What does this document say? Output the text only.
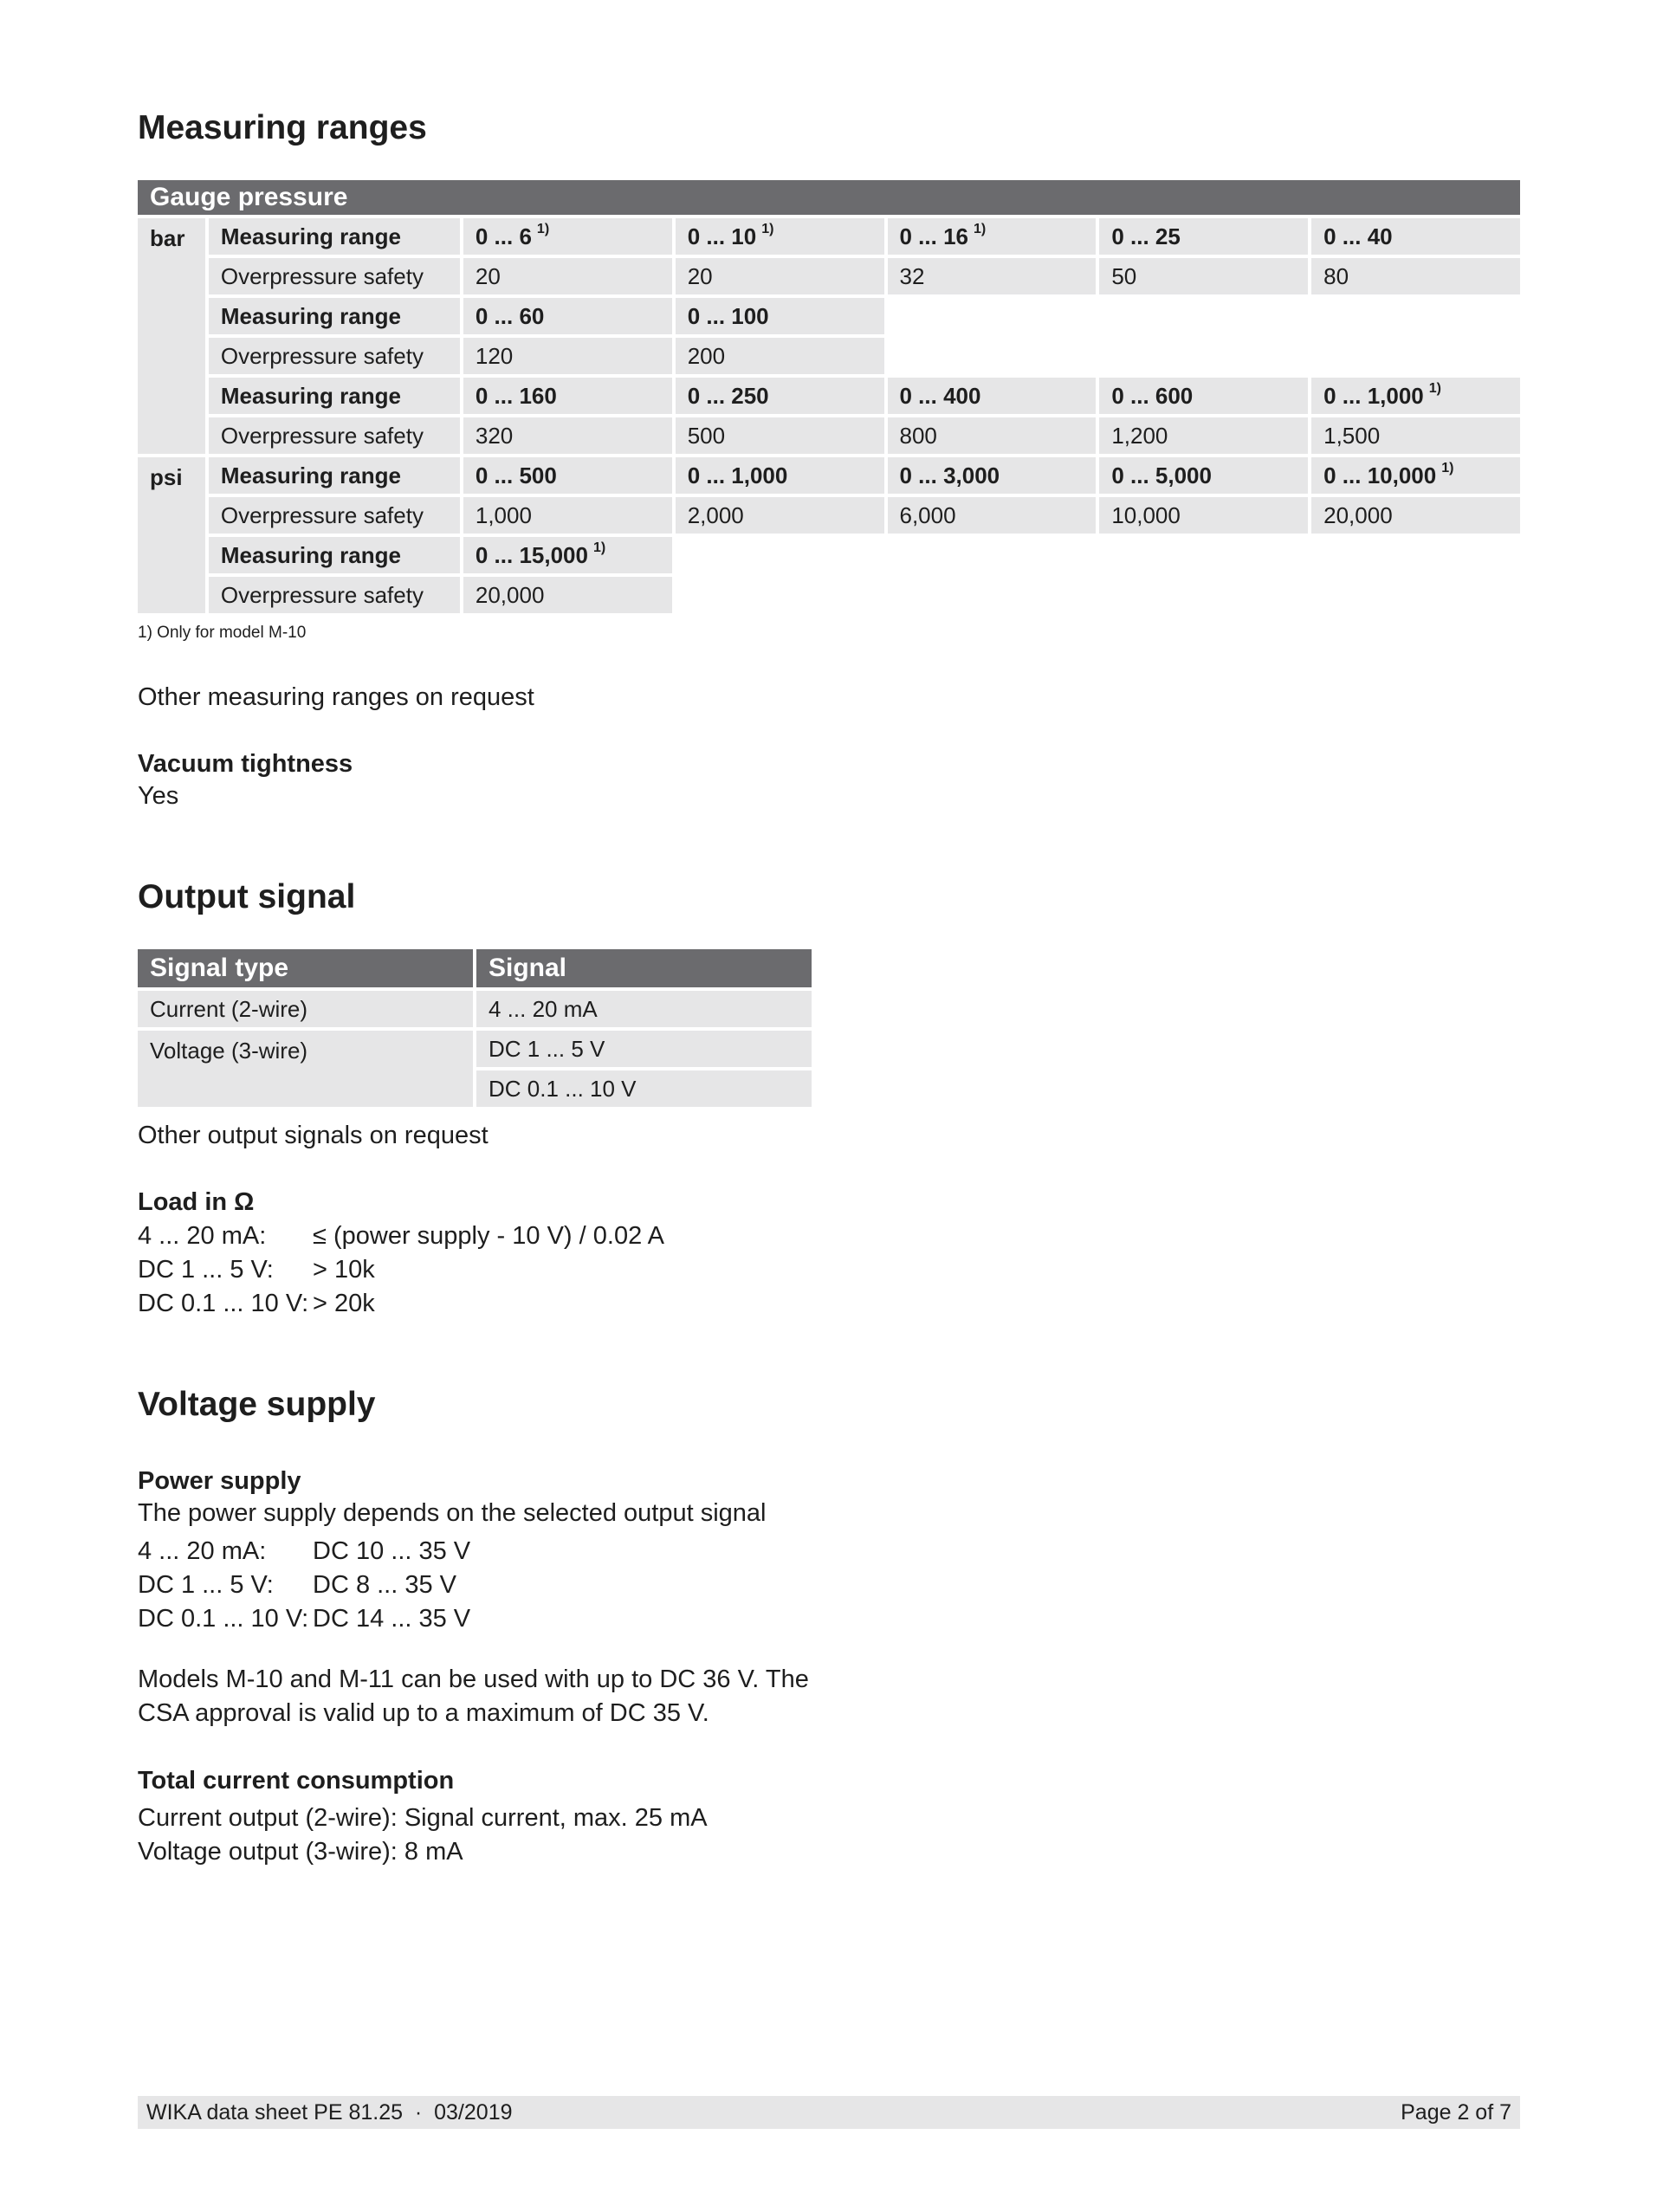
Measuring ranges
Gauge pressure						
bar	Measuring range	0 ... 6 $^{1)}$	0 ... 10 $^{1)}$	0 ... 16 $^{1)}$	0 ... 25	0 ... 40
	Overpressure safety	20	20	32	50	80
	Measuring range	0 ... 60	0 ... 100			
	Overpressure safety	120	200			
	Measuring range	0 ... 160	0 ... 250	0 ... 400	0 ... 600	0 ... 1,000 $^{1)}$
	Overpressure safety	320	500	800	1,200	1,500
psi	Measuring range	0 ... 500	0 ... 1,000	0 ... 3,000	0 ... 5,000	0 ... 10,000 $^{1)}$
	Overpressure safety	1,000	2,000	6,000	10,000	20,000
	Measuring range	0 ... 15,000 $^{1)}$				
	Overpressure safety	20,000				
1) Only for model M-10
Other measuring ranges on request
Vacuum tightness
Yes
Output signal
Signal type	Signal
Current (2-wire)	4 ... 20 mA
Voltage (3-wire)	DC 1 ... 5 V
	DC 0.1 ... 10 V
Other output signals on request
Load in Ω
4 ... 20 mA:	≤ (power supply - 10 V) / 0.02 A
DC 1 ... 5 V:	> 10k
DC 0.1 ... 10 V: > 20k
Voltage supply
Power supply
The power supply depends on the selected output signal
4 ... 20 mA:	DC 10 ... 35 V
DC 1 ... 5 V:	DC 8 ... 35 V
DC 0.1 ... 10 V: DC 14 ... 35 V
Models M-10 and M-11 can be used with up to DC 36 V. The
CSA approval is valid up to a maximum of DC 35 V.
Total current consumption
Current output (2-wire): Signal current, max. 25 mA
Voltage output (3-wire): 8 mA
WIKA data sheet PE 81.25  ·  03/2019	Page 2 of 7
